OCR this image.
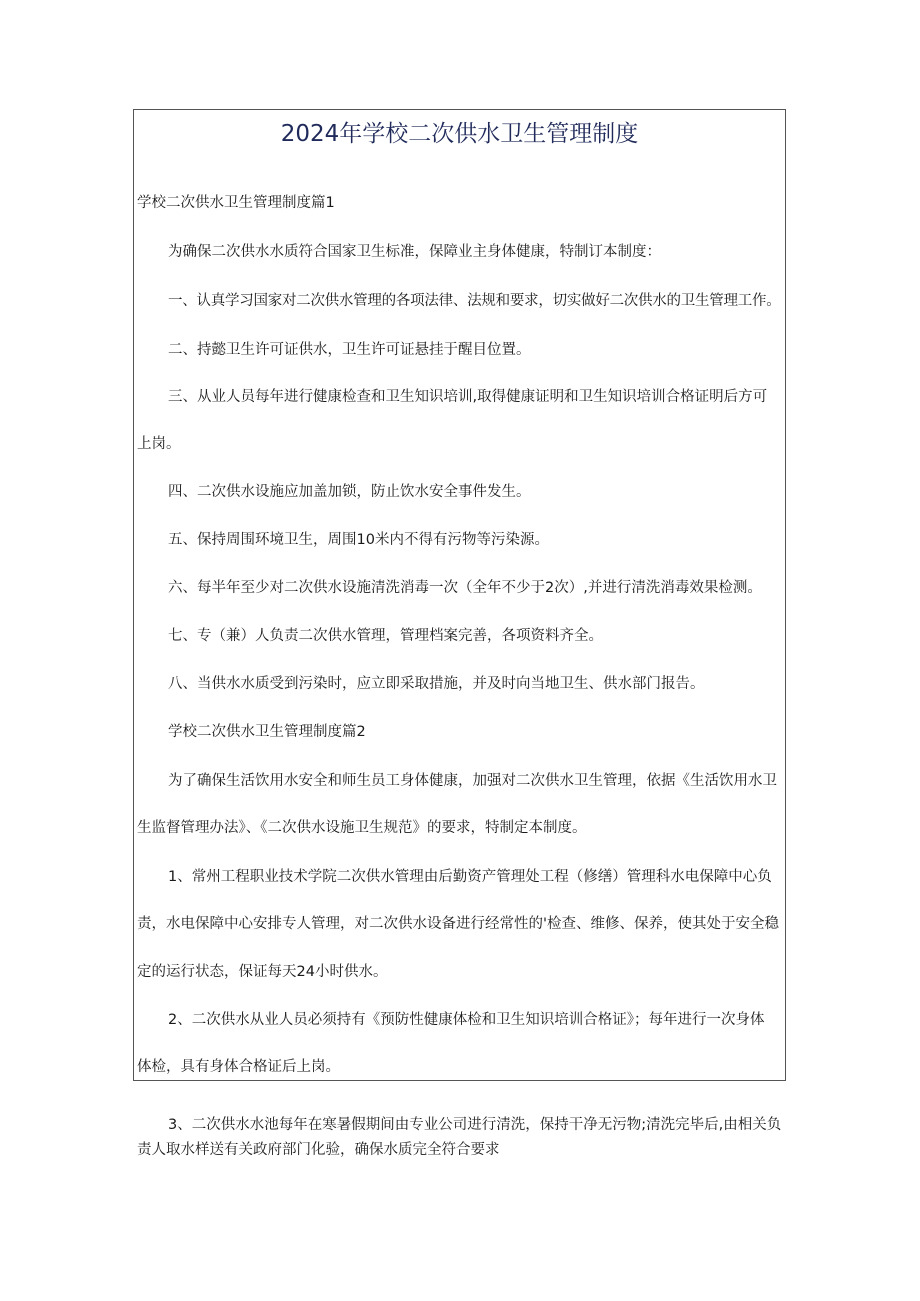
2024年学校二次供水卫生管理制度
学校二次供水卫生管理制度篇1
为确保二次供水水质符合国家卫生标准，保障业主身体健康，特制订本制度：
一、认真学习国家对二次供水管理的各项法律、法规和要求，切实做好二次供水的卫生管理工作。
二、持懿卫生许可证供水，卫生许可证悬挂于醒目位置。
三、从业人员每年进行健康检查和卫生知识培训,取得健康证明和卫生知识培训合格证明后方可
上岗。
四、二次供水设施应加盖加锁，防止饮水安全事件发生。
五、保持周围环境卫生，周围10米内不得有污物等污染源。
六、每半年至少对二次供水设施清洗消毒一次（全年不少于2次）,并进行清洗消毒效果检测。
七、专（兼）人负责二次供水管理，管理档案完善，各项资料齐全。
八、当供水水质受到污染时，应立即采取措施，并及时向当地卫生、供水部门报告。
学校二次供水卫生管理制度篇2
为了确保生活饮用水安全和师生员工身体健康，加强对二次供水卫生管理，依据《生活饮用水卫
生监督管理办法》、《二次供水设施卫生规范》的要求，特制定本制度。
1、常州工程职业技术学院二次供水管理由后勤资产管理处工程（修缮）管理科水电保障中心负
责，水电保障中心安排专人管理，对二次供水设备进行经常性的'检查、维修、保养，使其处于安全稳
定的运行状态，保证每天24小时供水。
2、二次供水从业人员必须持有《预防性健康体检和卫生知识培训合格证》；每年进行一次身体
体检，具有身体合格证后上岗。
3、二次供水水池每年在寒暑假期间由专业公司进行清洗，保持干净无污物;清洗完毕后,由相关负
责人取水样送有关政府部门化验，确保水质完全符合要求
